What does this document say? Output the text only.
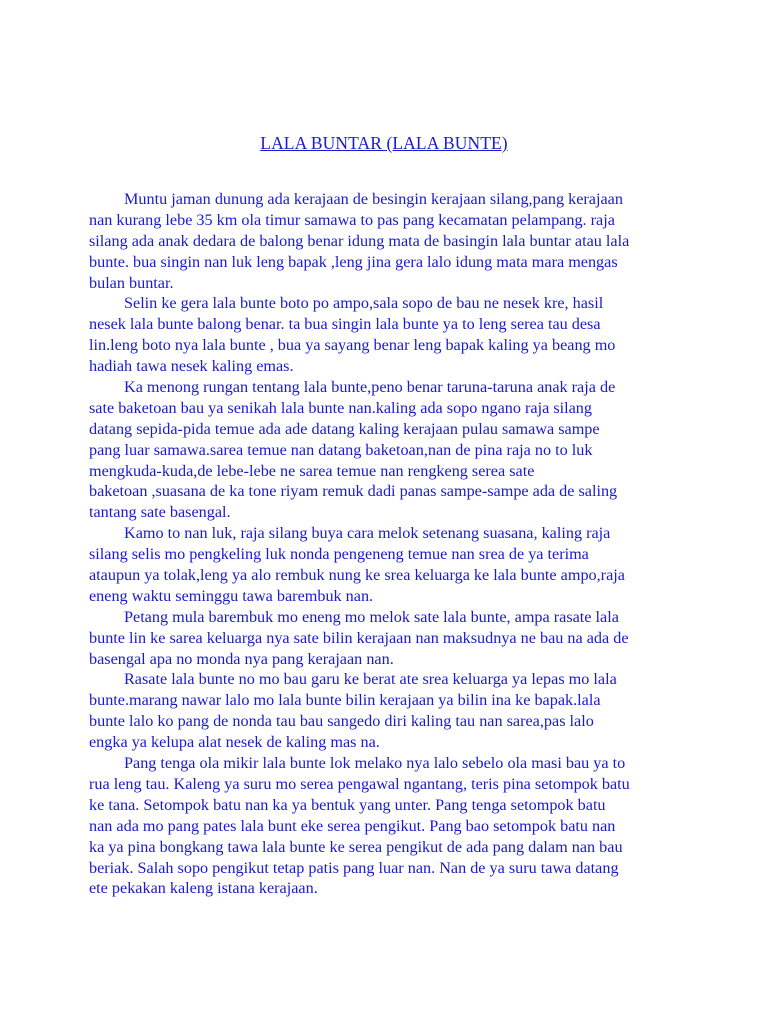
LALA BUNTAR (LALA BUNTE)
Muntu jaman dunung ada kerajaan de besingin kerajaan silang,pang kerajaan
nan kurang lebe 35 km ola timur samawa to pas pang kecamatan pelampang. raja
silang ada anak dedara de balong benar idung mata de basingin lala buntar atau lala
bunte. bua singin nan luk leng bapak ,leng jina gera lalo idung mata mara mengas
bulan buntar.
Selin ke gera lala bunte boto po ampo,sala sopo de bau ne nesek kre, hasil
nesek lala bunte balong benar. ta bua singin lala bunte ya to leng serea tau desa
lin.leng boto nya lala bunte , bua ya sayang benar leng bapak kaling ya beang mo
hadiah tawa nesek kaling emas.
Ka menong rungan tentang lala bunte,peno benar taruna-taruna anak raja de
sate baketoan bau ya senikah lala bunte nan.kaling ada sopo ngano raja silang
datang sepida-pida temue ada ade datang kaling kerajaan pulau samawa sampe
pang luar samawa.sarea temue nan datang baketoan,nan de pina raja no to luk
mengkuda-kuda,de lebe-lebe ne sarea temue nan rengkeng serea sate
baketoan ,suasana de ka tone riyam remuk dadi panas sampe-sampe ada de saling
tantang sate basengal.
Kamo to nan luk, raja silang buya cara melok setenang suasana, kaling raja
silang selis mo pengkeling luk nonda pengeneng temue nan srea de ya terima
ataupun ya tolak,leng ya alo rembuk nung ke srea keluarga ke lala bunte ampo,raja
eneng waktu seminggu tawa barembuk nan.
Petang mula barembuk mo eneng mo melok sate lala bunte, ampa rasate lala
bunte lin ke sarea keluarga nya sate bilin kerajaan nan maksudnya ne bau na ada de
basengal apa no monda nya pang kerajaan nan.
Rasate lala bunte no mo bau garu ke berat ate srea keluarga ya lepas mo lala
bunte.marang nawar lalo mo lala bunte bilin kerajaan ya bilin ina ke bapak.lala
bunte lalo ko pang de nonda tau bau sangedo diri kaling tau nan sarea,pas lalo
engka ya kelupa alat nesek de kaling mas na.
Pang tenga ola mikir lala bunte lok melako nya lalo sebelo ola masi bau ya to
rua leng tau. Kaleng ya suru mo serea pengawal ngantang, teris pina setompok batu
ke tana. Setompok batu nan ka ya bentuk yang unter. Pang tenga setompok batu
nan ada mo pang pates lala bunt eke serea pengikut. Pang bao setompok batu nan
ka ya pina bongkang tawa lala bunte ke serea pengikut de ada pang dalam nan bau
beriak. Salah sopo pengikut tetap patis pang luar nan. Nan de ya suru tawa datang
ete pekakan kaleng istana kerajaan.
